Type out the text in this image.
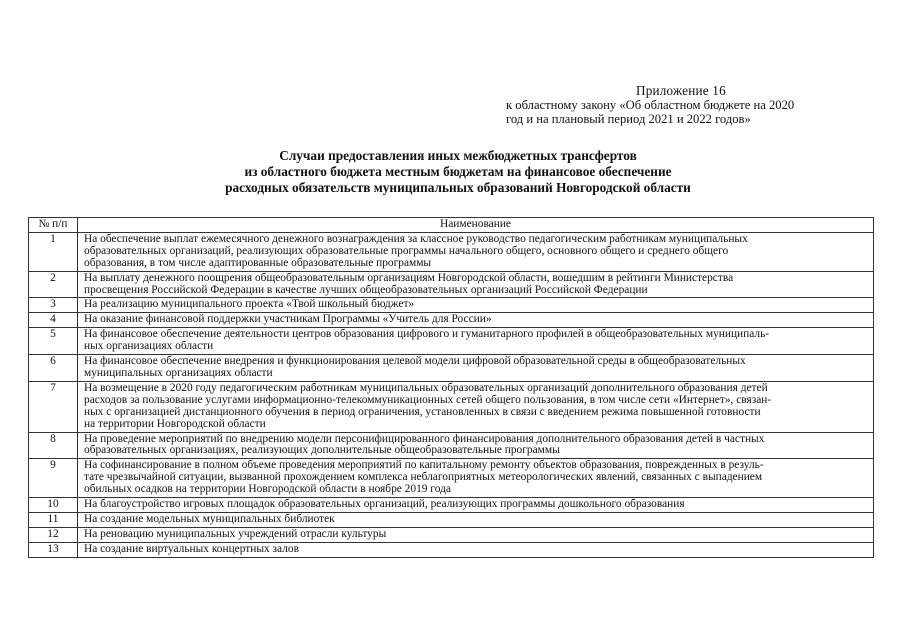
Приложение 16
к областному закону «Об областном бюджете на 2020
год и на плановый период 2021 и 2022 годов»
Случаи предоставления иных межбюджетных трансфертов
из областного бюджета местным бюджетам на финансовое обеспечение
расходных обязательств муниципальных образований Новгородской области
№ п/п	Наименование
1	На обеспечение выплат ежемесячного денежного вознаграждения за классное руководство педагогическим работникам муниципальных
образовательных организаций, реализующих образовательные программы начального общего, основного общего и среднего общего
образования, в том числе адаптированные образовательные программы

2	На выплату денежного поощрения общеобразовательным организациям Новгородской области, вошедшим в рейтинги Министерства
просвещения Российской Федерации в качестве лучших общеобразовательных организаций Российской Федерации

3	На реализацию муниципального проекта «Твой школьный бюджет»

4	На оказание финансовой поддержки участникам Программы «Учитель для России»

5	На финансовое обеспечение деятельности центров образования цифрового и гуманитарного профилей в общеобразовательных муниципаль-
ных организациях области

6	На финансовое обеспечение внедрения и функционирования целевой модели цифровой образовательной среды в общеобразовательных
муниципальных организациях области

7	На возмещение в 2020 году педагогическим работникам муниципальных образовательных организаций дополнительного образования детей
расходов за пользование услугами информационно-телекоммуникационных сетей общего пользования, в том числе сети «Интернет», связан-
ных с организацией дистанционного обучения в период ограничения, установленных в связи с введением режима повышенной готовности
на территории Новгородской области

8	На проведение мероприятий по внедрению модели персонифицированного финансирования дополнительного образования детей в частных
образовательных организациях, реализующих дополнительные общеобразовательные программы

9	На софинансирование в полном объеме проведения мероприятий по капитальному ремонту объектов образования, поврежденных в резуль-
тате чрезвычайной ситуации, вызванной прохождением комплекса неблагоприятных метеорологических явлений, связанных с выпадением
обильных осадков на территории Новгородской области в ноябре 2019 года

10	На благоустройство игровых площадок образовательных организаций, реализующих программы дошкольного образования

11	На создание модельных муниципальных библиотек

12	На реновацию муниципальных учреждений отрасли культуры

13	На создание виртуальных концертных залов
